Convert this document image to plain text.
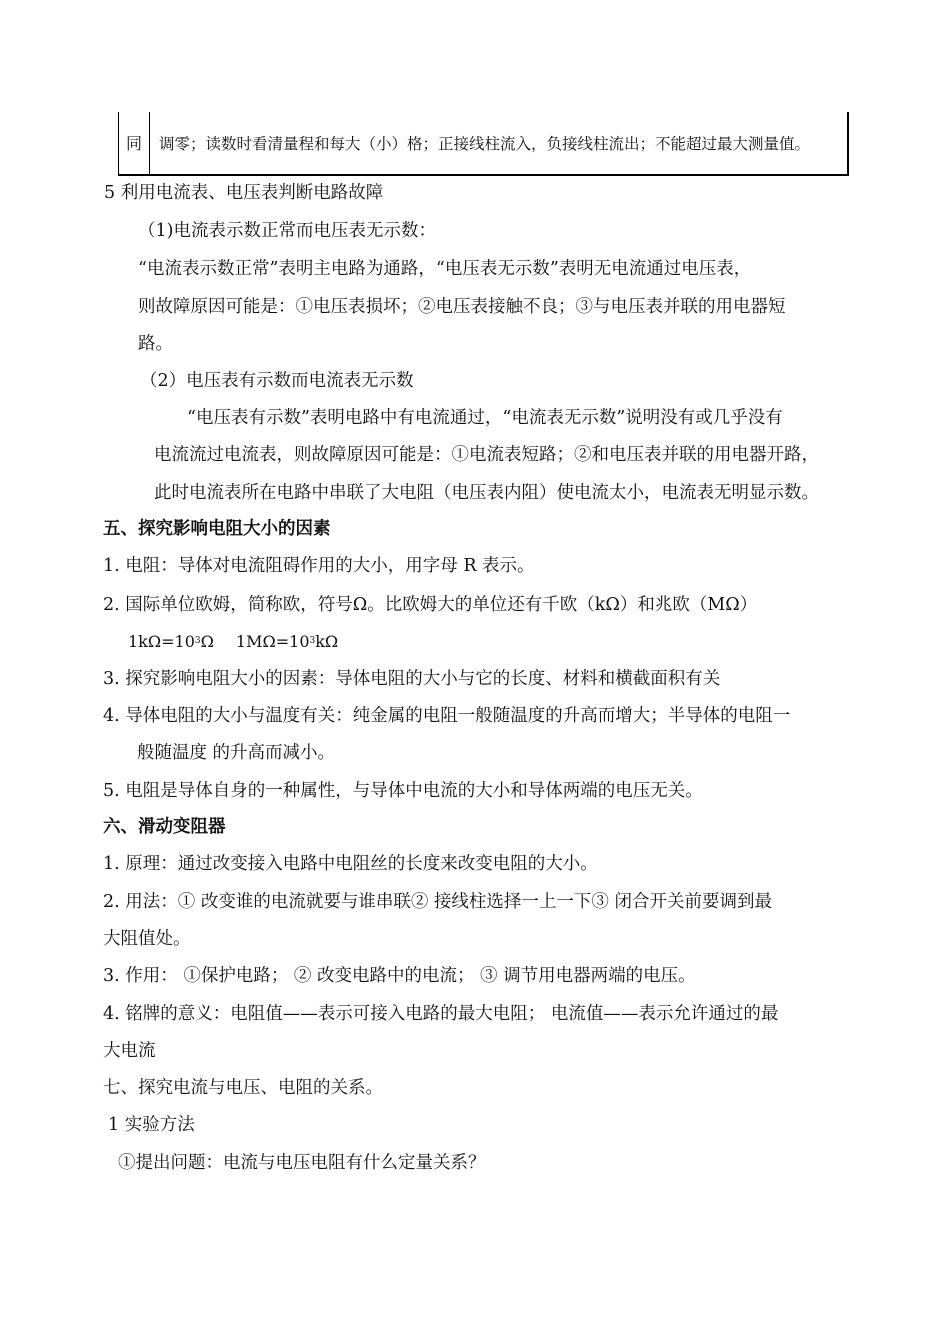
同 调零；读数时看清量程和每大（小）格；正接线柱流入，负接线柱流出；不能超过最大测量值。
5 利用电流表、电压表判断电路故障
（1)电流表示数正常而电压表无示数：
“电流表示数正常”表明主电路为通路，“电压表无示数”表明无电流通过电压表，
则故障原因可能是：①电压表损坏；②电压表接触不良；③与电压表并联的用电器短
路。
（2）电压表有示数而电流表无示数
“电压表有示数”表明电路中有电流通过，“电流表无示数”说明没有或几乎没有
电流流过电流表，则故障原因可能是：①电流表短路；②和电压表并联的用电器开路，
此时电流表所在电路中串联了大电阻（电压表内阻）使电流太小，电流表无明显示数。
五、探究影响电阻大小的因素
1. 电阻：导体对电流阻碍作用的大小，用字母 R 表示。
2. 国际单位欧姆，简称欧，符号Ω。比欧姆大的单位还有千欧（kΩ）和兆欧（MΩ）
$1k\Omega=10^3\Omega$ $1M\Omega=10^3k\Omega$
3. 探究影响电阻大小的因素：导体电阻的大小与它的长度、材料和横截面积有关
4. 导体电阻的大小与温度有关：纯金属的电阻一般随温度的升高而增大；半导体的电阻一
般随温度 的升高而减小。
5. 电阻是导体自身的一种属性，与导体中电流的大小和导体两端的电压无关。
六、滑动变阻器
1. 原理：通过改变接入电路中电阻丝的长度来改变电阻的大小。
2. 用法：① 改变谁的电流就要与谁串联② 接线柱选择一上一下③ 闭合开关前要调到最
大阻值处。
3. 作用： ①保护电路； ② 改变电路中的电流； ③ 调节用电器两端的电压。
4. 铭牌的意义：电阻值——表示可接入电路的最大电阻； 电流值——表示允许通过的最
大电流
七、探究电流与电压、电阻的关系。
1 实验方法
①提出问题：电流与电压电阻有什么定量关系？
